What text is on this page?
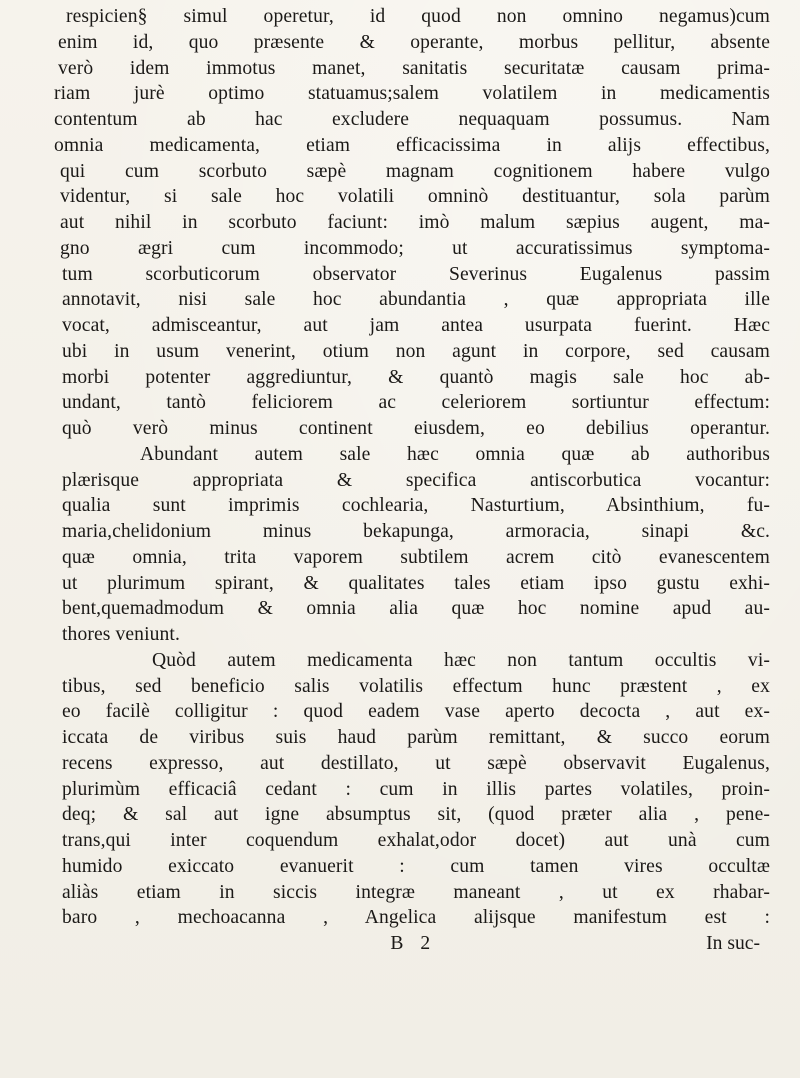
respicien§ simul operetur, id quod non omnino negamus)cum
enim id, quo præsente & operante, morbus pellitur, absente
verò idem immotus manet, sanitatis securitatæ causam prima-
riam jurè optimo statuamus;salem volatilem in medicamentis
contentum ab hac excludere nequaquam possumus. Nam
omnia medicamenta, etiam efficacissima in alijs effectibus,
qui cum scorbuto sæpè magnam cognitionem habere vulgo
videntur, si sale hoc volatili omninò destituantur, sola parùm
aut nihil in scorbuto faciunt: imò malum sæpius augent, ma-
gno ægri cum incommodo; ut accuratissimus symptoma-
tum scorbuticorum observator Severinus Eugalenus passim
annotavit, nisi sale hoc abundantia , quæ appropriata ille
vocat, admisceantur, aut jam antea usurpata fuerint. Hæc
ubi in usum venerint, otium non agunt in corpore, sed causam
morbi potenter aggrediuntur, & quantò magis sale hoc ab-
undant, tantò feliciorem ac celeriorem sortiuntur effectum:
quò verò minus continent eiusdem, eo debilius operantur.
Abundant autem sale hæc omnia quæ ab authoribus
plærisque appropriata & specifica antiscorbutica vocantur:
qualia sunt imprimis cochlearia, Nasturtium, Absinthium, fu-
maria,chelidonium minus bekapunga, armoracia, sinapi &c.
quæ omnia, trita vaporem subtilem acrem citò evanescentem
ut plurimum spirant, & qualitates tales etiam ipso gustu exhi-
bent,quemadmodum & omnia alia quæ hoc nomine apud au-
thores veniunt.
Quòd autem medicamenta hæc non tantum occultis vi-
tibus, sed beneficio salis volatilis effectum hunc præstent , ex
eo facilè colligitur : quod eadem vase aperto decocta , aut ex-
iccata de viribus suis haud parùm remittant, & succo eorum
recens expresso, aut destillato, ut sæpè observavit Eugalenus,
plurimùm efficaciâ cedant : cum in illis partes volatiles, proin-
deq; & sal aut igne absumptus sit, (quod præter alia , pene-
trans,qui inter coquendum exhalat,odor docet) aut unà cum
humido exiccato evanuerit : cum tamen vires occultæ
aliàs etiam in siccis integræ maneant , ut ex rhabar-
baro , mechoacanna , Angelica alijsque manifestum est :
B 2	In suc-
